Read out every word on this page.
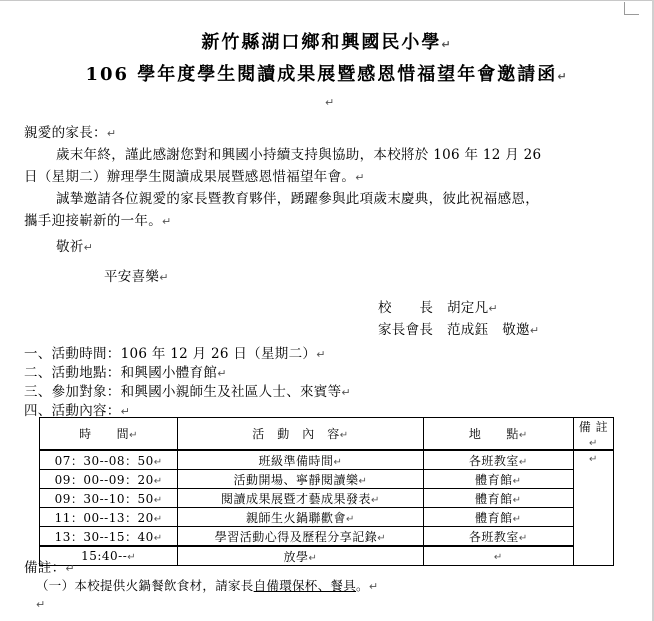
新竹縣湖口鄉和興國民小學↵
106 學年度學生閱讀成果展暨感恩惜福望年會邀請函↵
↵
親愛的家長：↵
歲末年終，謹此感謝您對和興國小持續支持與協助，本校將於 106 年 12 月 26
日（星期二）辦理學生閱讀成果展暨感恩惜福望年會。↵
誠摯邀請各位親愛的家長暨教育夥伴，踴躍參與此項歲末慶典，彼此祝福感恩，
攜手迎接嶄新的一年。↵
敬祈↵
平安喜樂↵
校　　長　胡定凡↵
家長會長　范成鈺　敬邀↵
一、活動時間：106 年 12 月 26 日（星期二）↵
二、活動地點：和興國小體育館↵
三、參加對象：和興國小親師生及社區人士、來賓等↵
四、活動內容：↵
時　　間↵	活　動　內　容↵	地　　點↵	備 註↵
07：30--08：50↵	班級準備時間↵	各班教室↵	↵
09：00--09：20↵	活動開場、寧靜閱讀樂↵	體育館↵	
09：30--10：50↵	閱讀成果展暨才藝成果發表↵	體育館↵	
11：00--13：20↵	親師生火鍋聯歡會↵	體育館↵	
13：30--15：40↵	學習活動心得及歷程分享記錄↵	各班教室↵	
15:40--↵	放學↵	↵	
備註：↵
（一）本校提供火鍋餐飲食材，請家長自備環保杯、餐具。↵
↵
